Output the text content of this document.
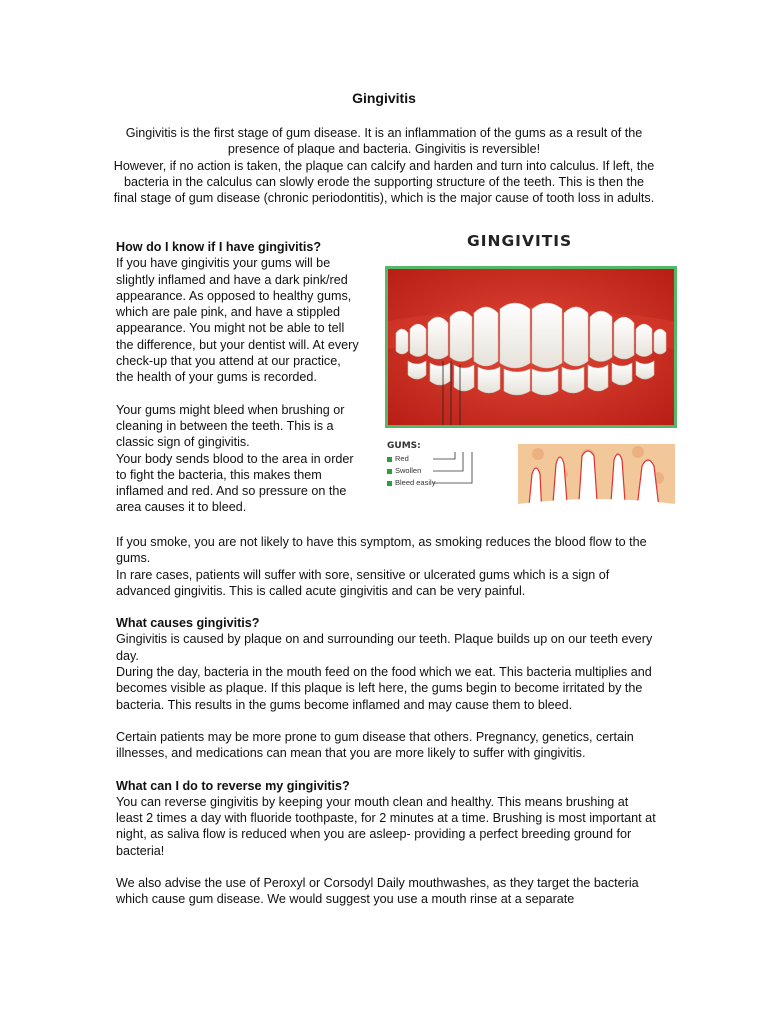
Gingivitis

Gingivitis is the first stage of gum disease. It is an inflammation of the gums as a result of the presence of plaque and bacteria. Gingivitis is reversible!

However, if no action is taken, the plaque can calcify and harden and turn into calculus. If left, the bacteria in the calculus can slowly erode the supporting structure of the teeth. This is then the final stage of gum disease (chronic periodontitis), which is the major cause of tooth loss in adults.

How do I know if I have gingivitis?

If you have gingivitis your gums will be slightly inflamed and have a dark pink/red appearance. As opposed to healthy gums, which are pale pink, and have a stippled appearance. You might not be able to tell the difference, but your dentist will. At every check-up that you attend at our practice, the health of your gums is recorded.

Your gums might bleed when brushing or cleaning in between the teeth. This is a classic sign of gingivitis.

Your body sends blood to the area in order to fight the bacteria, this makes them inflamed and red. And so pressure on the area causes it to bleed.

If you smoke, you are not likely to have this symptom, as smoking reduces the blood flow to the gums.

In rare cases, patients will suffer with sore, sensitive or ulcerated gums which is a sign of advanced gingivitis. This is called acute gingivitis and can be very painful.

What causes gingivitis?

Gingivitis is caused by plaque on and surrounding our teeth. Plaque builds up on our teeth every day.

During the day, bacteria in the mouth feed on the food which we eat. This bacteria multiplies and becomes visible as plaque. If this plaque is left here, the gums begin to become irritated by the bacteria. This results in the gums become inflamed and may cause them to bleed.

Certain patients may be more prone to gum disease that others. Pregnancy, genetics, certain illnesses, and medications can mean that you are more likely to suffer with gingivitis.

What can I do to reverse my gingivitis?

You can reverse gingivitis by keeping your mouth clean and healthy. This means brushing at least 2 times a day with fluoride toothpaste, for 2 minutes at a time. Brushing is most important at night, as saliva flow is reduced when you are asleep- providing a perfect breeding ground for bacteria!

We also advise the use of Peroxyl or Corsodyl Daily mouthwashes, as they target the bacteria which cause gum disease. We would suggest you use a mouth rinse at a separate

GINGIVITIS
GUMS:
Red
Swollen
Bleed easily
